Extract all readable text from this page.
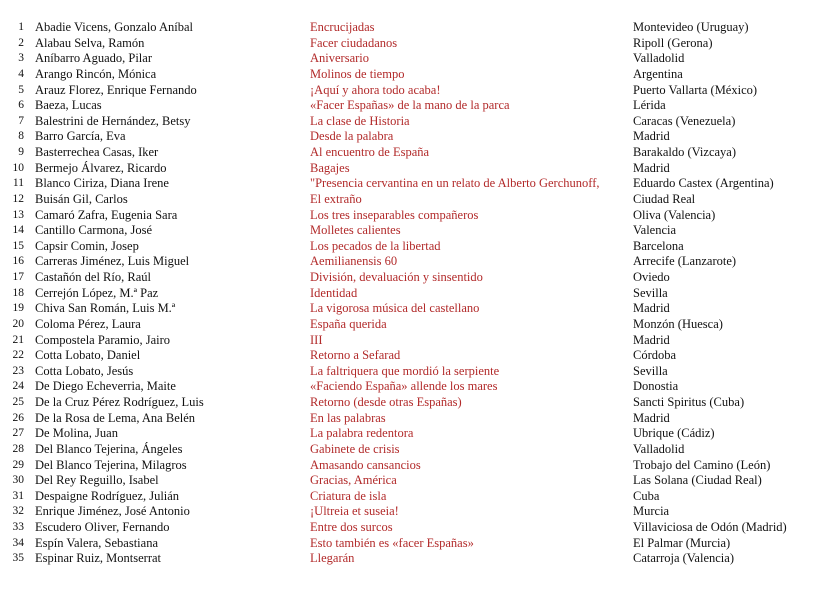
1 Abadie Vicens, Gonzalo Aníbal	Encrucijadas	Montevideo (Uruguay)
2 Alabau Selva, Ramón	Facer ciudadanos	Ripoll (Gerona)
3 Aníbarro Aguado, Pilar	Aniversario	Valladolid
4 Arango Rincón, Mónica	Molinos de tiempo	Argentina
5 Arauz Florez, Enrique Fernando	¡Aquí y ahora todo acaba!	Puerto Vallarta (México)
6 Baeza, Lucas	«Facer Españas» de la mano de la parca	Lérida
7 Balestrini de Hernández, Betsy	La clase de Historia	Caracas (Venezuela)
8 Barro García, Eva	Desde la palabra	Madrid
9 Basterrechea Casas, Iker	Al encuentro de España	Barakaldo (Vizcaya)
10 Bermejo Álvarez, Ricardo	Bagajes	Madrid
11 Blanco Ciriza, Diana Irene	"Presencia cervantina en un relato de Alberto Gerchunoff,	Eduardo Castex (Argentina)
12 Buisán Gil, Carlos	El extraño	Ciudad Real
13 Camaró Zafra, Eugenia Sara	Los tres inseparables compañeros	Oliva (Valencia)
14 Cantillo Carmona, José	Molletes calientes	Valencia
15 Capsir Comin, Josep	Los pecados de la libertad	Barcelona
16 Carreras Jiménez, Luis Miguel	Aemilianensis 60	Arrecife (Lanzarote)
17 Castañón del Río, Raúl	División, devaluación y sinsentido	Oviedo
18 Cerrejón López, M.ª Paz	Identidad	Sevilla
19 Chiva San Román, Luis M.ª	La vigorosa música del castellano	Madrid
20 Coloma Pérez, Laura	España querida	Monzón (Huesca)
21 Compostela Paramio, Jairo	III	Madrid
22 Cotta Lobato, Daniel	Retorno a Sefarad	Córdoba
23 Cotta Lobato, Jesús	La faltriquera que mordió la serpiente	Sevilla
24 De Diego Echeverria, Maite	«Faciendo España» allende los mares	Donostia
25 De la Cruz Pérez Rodríguez, Luis	Retorno (desde otras Españas)	Sancti Spiritus (Cuba)
26 De la Rosa de Lema, Ana Belén	En las palabras	Madrid
27 De Molina, Juan	La palabra redentora	Ubrique (Cádiz)
28 Del Blanco Tejerina, Ángeles	Gabinete de crisis	Valladolid
29 Del Blanco Tejerina, Milagros	Amasando cansancios	Trobajo del Camino (León)
30 Del Rey Reguillo, Isabel	Gracias, América	Las Solana (Ciudad Real)
31 Despaigne Rodríguez, Julián	Criatura de isla	Cuba
32 Enrique Jiménez, José Antonio	¡Ultreia et suseia!	Murcia
33 Escudero Oliver, Fernando	Entre dos surcos	Villaviciosa de Odón (Madrid)
34 Espín Valera, Sebastiana	Esto también es «facer Españas»	El Palmar (Murcia)
35 Espinar Ruiz, Montserrat	Llegarán	Catarroja (Valencia)
